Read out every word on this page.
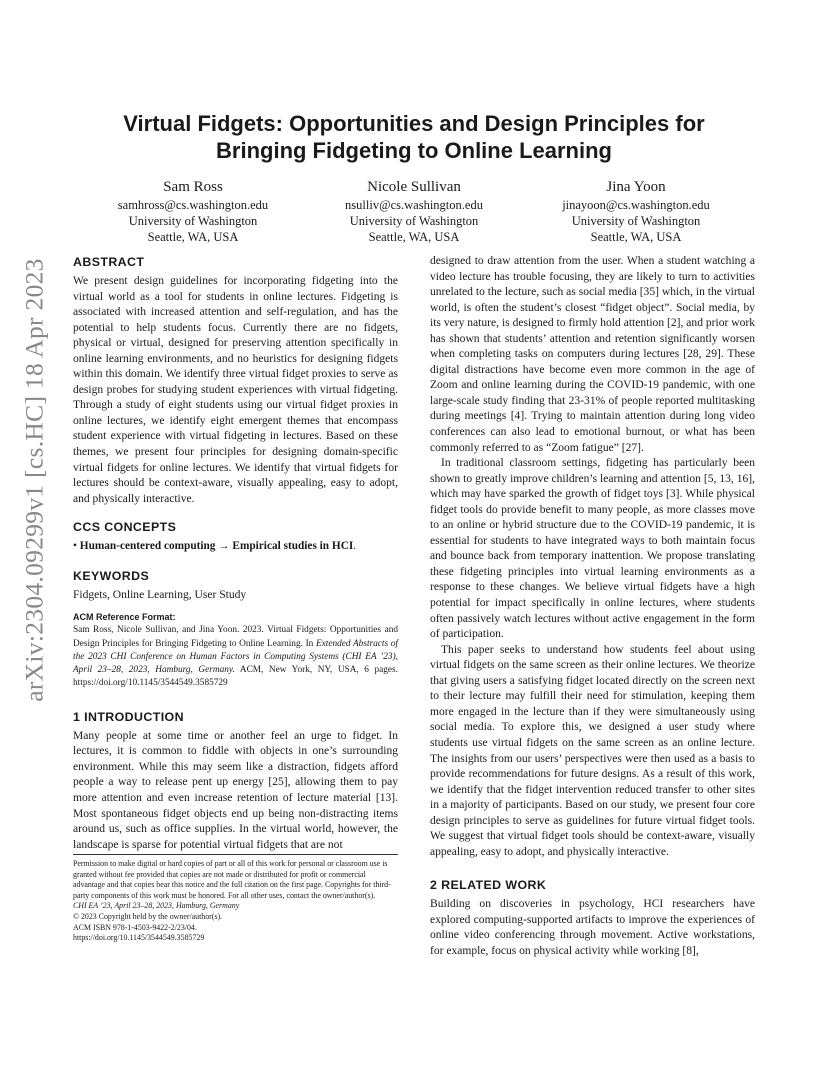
arXiv:2304.09299v1 [cs.HC] 18 Apr 2023
Virtual Fidgets: Opportunities and Design Principles for
Bringing Fidgeting to Online Learning
Sam Ross
samhross@cs.washington.edu
University of Washington
Seattle, WA, USA
Nicole Sullivan
nsulliv@cs.washington.edu
University of Washington
Seattle, WA, USA
Jina Yoon
jinayoon@cs.washington.edu
University of Washington
Seattle, WA, USA
ABSTRACT

We present design guidelines for incorporating fidgeting into the virtual world as a tool for students in online lectures. Fidgeting is associated with increased attention and self-regulation, and has the potential to help students focus. Currently there are no fidgets, physical or virtual, designed for preserving attention specifically in online learning environments, and no heuristics for designing fidgets within this domain. We identify three virtual fidget proxies to serve as design probes for studying student experiences with virtual fidgeting. Through a study of eight students using our virtual fidget proxies in online lectures, we identify eight emergent themes that encompass student experience with virtual fidgeting in lectures. Based on these themes, we present four principles for designing domain-specific virtual fidgets for online lectures. We identify that virtual fidgets for lectures should be context-aware, visually appealing, easy to adopt, and physically interactive.

CCS CONCEPTS

• Human-centered computing → Empirical studies in HCI.

KEYWORDS

Fidgets, Online Learning, User Study

ACM Reference Format:

Sam Ross, Nicole Sullivan, and Jina Yoon. 2023. Virtual Fidgets: Opportunities and Design Principles for Bringing Fidgeting to Online Learning. In Extended Abstracts of the 2023 CHI Conference on Human Factors in Computing Systems (CHI EA ’23), April 23–28, 2023, Hamburg, Germany. ACM, New York, NY, USA, 6 pages. https://doi.org/10.1145/3544549.3585729

1 INTRODUCTION

Many people at some time or another feel an urge to fidget. In lectures, it is common to fiddle with objects in one’s surrounding environment. While this may seem like a distraction, fidgets afford people a way to release pent up energy [25], allowing them to pay more attention and even increase retention of lecture material [13]. Most spontaneous fidget objects end up being non-distracting items around us, such as office supplies. In the virtual world, however, the landscape is sparse for potential virtual fidgets that are not

Permission to make digital or hard copies of part or all of this work for personal or classroom use is granted without fee provided that copies are not made or distributed for profit or commercial advantage and that copies bear this notice and the full citation on the first page. Copyrights for third-party components of this work must be honored. For all other uses, contact the owner/author(s).

CHI EA ’23, April 23–28, 2023, Hamburg, Germany

© 2023 Copyright held by the owner/author(s).

ACM ISBN 978-1-4503-9422-2/23/04.

https://doi.org/10.1145/3544549.3585729

designed to draw attention from the user. When a student watching a video lecture has trouble focusing, they are likely to turn to activities unrelated to the lecture, such as social media [35] which, in the virtual world, is often the student’s closest “fidget object”. Social media, by its very nature, is designed to firmly hold attention [2], and prior work has shown that students’ attention and retention significantly worsen when completing tasks on computers during lectures [28, 29]. These digital distractions have become even more common in the age of Zoom and online learning during the COVID-19 pandemic, with one large-scale study finding that 23-31% of people reported multitasking during meetings [4]. Trying to maintain attention during long video conferences can also lead to emotional burnout, or what has been commonly referred to as “Zoom fatigue” [27].

In traditional classroom settings, fidgeting has particularly been shown to greatly improve children’s learning and attention [5, 13, 16], which may have sparked the growth of fidget toys [3]. While physical fidget tools do provide benefit to many people, as more classes move to an online or hybrid structure due to the COVID-19 pandemic, it is essential for students to have integrated ways to both maintain focus and bounce back from temporary inattention. We propose translating these fidgeting principles into virtual learning environments as a response to these changes. We believe virtual fidgets have a high potential for impact specifically in online lectures, where students often passively watch lectures without active engagement in the form of participation.

This paper seeks to understand how students feel about using virtual fidgets on the same screen as their online lectures. We theorize that giving users a satisfying fidget located directly on the screen next to their lecture may fulfill their need for stimulation, keeping them more engaged in the lecture than if they were simultaneously using social media. To explore this, we designed a user study where students use virtual fidgets on the same screen as an online lecture. The insights from our users’ perspectives were then used as a basis to provide recommendations for future designs. As a result of this work, we identify that the fidget intervention reduced transfer to other sites in a majority of participants. Based on our study, we present four core design principles to serve as guidelines for future virtual fidget tools. We suggest that virtual fidget tools should be context-aware, visually appealing, easy to adopt, and physically interactive.

2 RELATED WORK

Building on discoveries in psychology, HCI researchers have explored computing-supported artifacts to improve the experiences of online video conferencing through movement. Active workstations, for example, focus on physical activity while working [8],
